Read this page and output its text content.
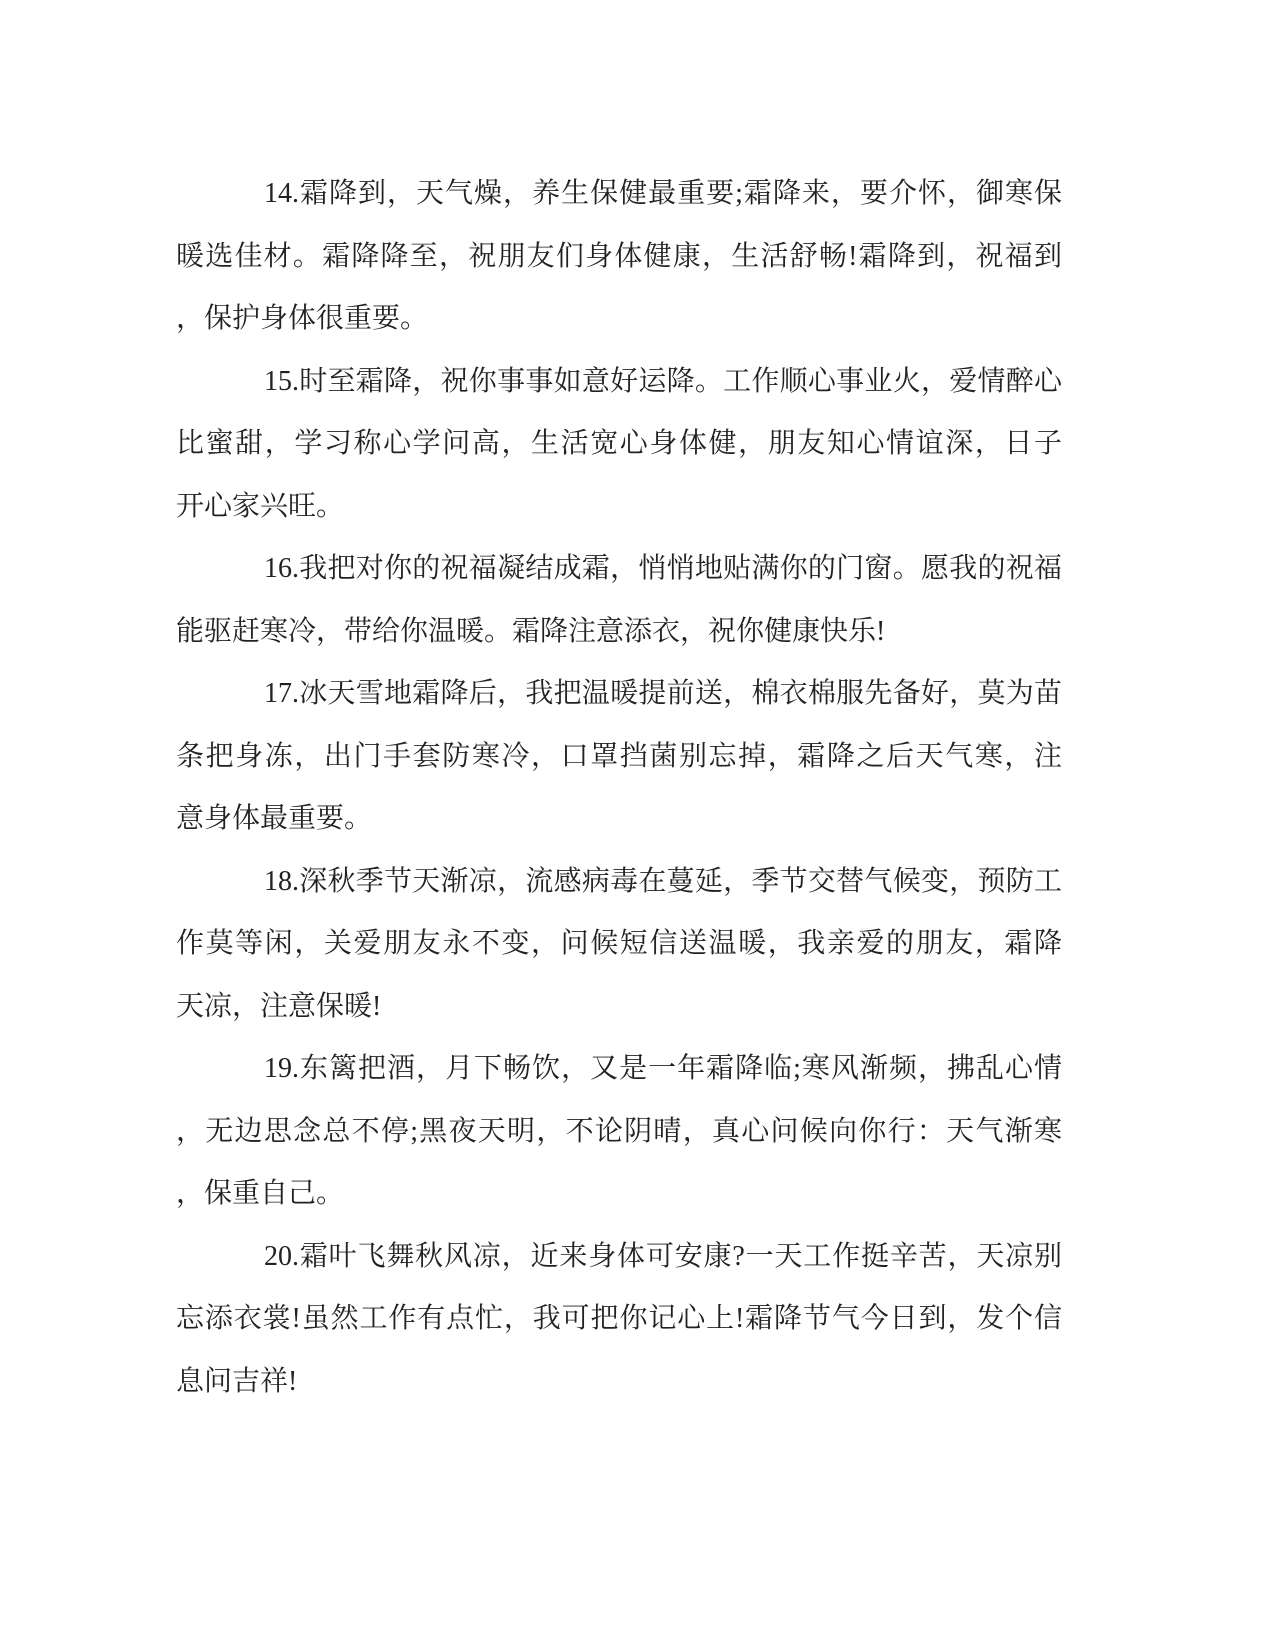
14.霜降到，天气燥，养生保健最重要;霜降来，要介怀，御寒保
暖选佳材。霜降降至，祝朋友们身体健康，生活舒畅!霜降到，祝福到
，保护身体很重要。

15.时至霜降，祝你事事如意好运降。工作顺心事业火，爱情醉心
比蜜甜，学习称心学问高，生活宽心身体健，朋友知心情谊深，日子
开心家兴旺。

16.我把对你的祝福凝结成霜，悄悄地贴满你的门窗。愿我的祝福
能驱赶寒冷，带给你温暖。霜降注意添衣，祝你健康快乐!

17.冰天雪地霜降后，我把温暖提前送，棉衣棉服先备好，莫为苗
条把身冻，出门手套防寒冷，口罩挡菌别忘掉，霜降之后天气寒，注
意身体最重要。

18.深秋季节天渐凉，流感病毒在蔓延，季节交替气候变，预防工
作莫等闲，关爱朋友永不变，问候短信送温暖，我亲爱的朋友，霜降
天凉，注意保暖!

19.东篱把酒，月下畅饮，又是一年霜降临;寒风渐频，拂乱心情
，无边思念总不停;黑夜天明，不论阴晴，真心问候向你行：天气渐寒
，保重自己。

20.霜叶飞舞秋风凉，近来身体可安康?一天工作挺辛苦，天凉别
忘添衣裳!虽然工作有点忙，我可把你记心上!霜降节气今日到，发个信
息问吉祥!
